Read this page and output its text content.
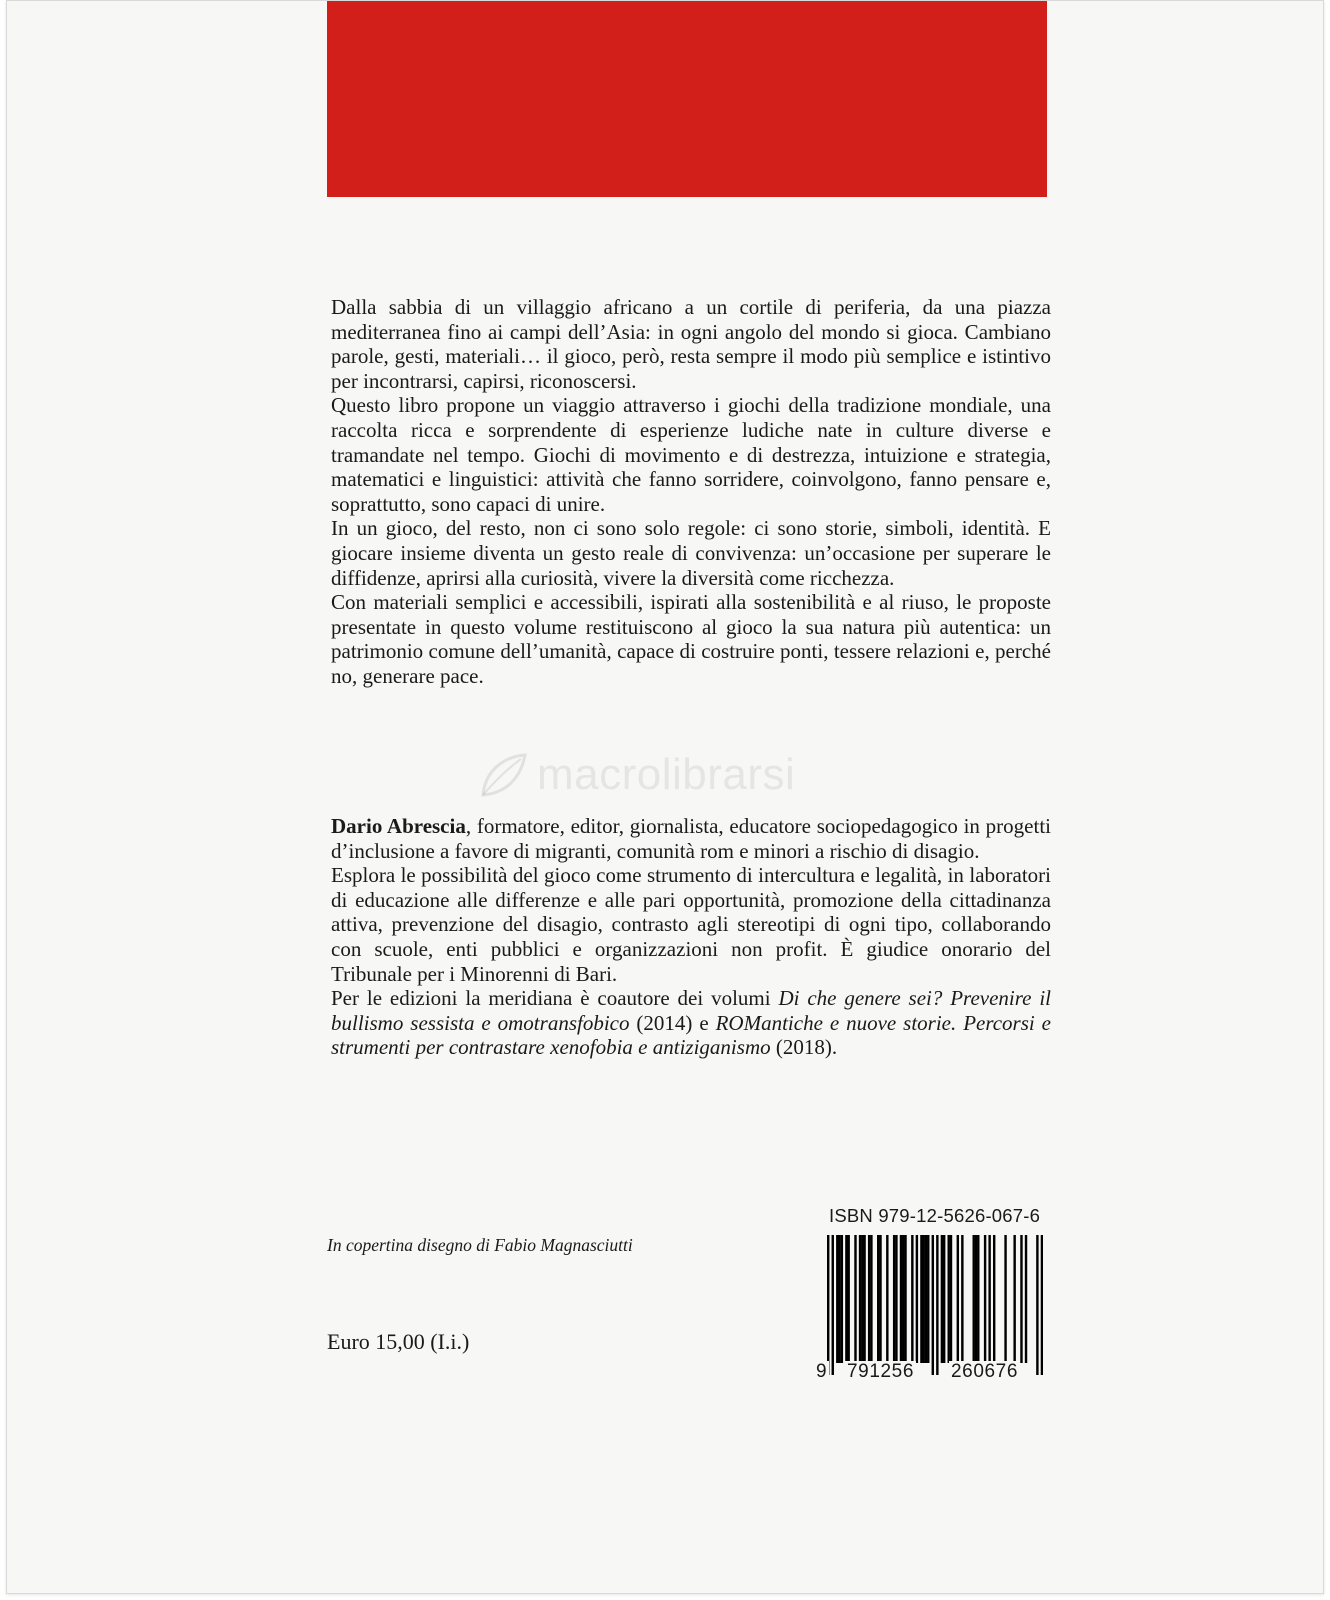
Dalla sabbia di un villaggio africano a un cortile di periferia, da una piazza mediterranea fino ai campi dell’Asia: in ogni angolo del mondo si gioca. Cambiano parole, gesti, materiali… il gioco, però, resta sempre il modo più semplice e istintivo per incontrarsi, capirsi, riconoscersi.

Questo libro propone un viaggio attraverso i giochi della tradizione mondiale, una raccolta ricca e sorprendente di esperienze ludiche nate in culture diverse e tramandate nel tempo. Giochi di movimento e di destrezza, intuizione e strategia, matematici e linguistici: attività che fanno sorridere, coinvolgono, fanno pensare e, soprattutto, sono capaci di unire.

In un gioco, del resto, non ci sono solo regole: ci sono storie, simboli, identità. E giocare insieme diventa un gesto reale di convivenza: un’occasione per superare le diffidenze, aprirsi alla curiosità, vivere la diversità come ricchezza.

Con materiali semplici e accessibili, ispirati alla sostenibilità e al riuso, le proposte presentate in questo volume restituiscono al gioco la sua natura più autentica: un patrimonio comune dell’umanità, capace di costruire ponti, tessere relazioni e, perché no, generare pace.

macrolibrarsi

Dario Abrescia, formatore, editor, giornalista, educatore sociopedagogico in progetti d’inclusione a favore di migranti, comunità rom e minori a rischio di disagio.

Esplora le possibilità del gioco come strumento di intercultura e legalità, in laboratori di educazione alle differenze e alle pari opportunità, promozione della cittadinanza attiva, prevenzione del disagio, contrasto agli stereotipi di ogni tipo, collaborando con scuole, enti pubblici e organizzazioni non profit. È giudice onorario del Tribunale per i Minorenni di Bari.

Per le edizioni la meridiana è coautore dei volumi Di che genere sei? Prevenire il bullismo sessista e omotransfobico (2014) e ROMantiche e nuove storie. Percorsi e strumenti per contrastare xenofobia e antiziganismo (2018).

In copertina disegno di Fabio Magnasciutti
Euro 15,00 (I.i.)
ISBN 979-12-5626-067-6
9 791256 260676
